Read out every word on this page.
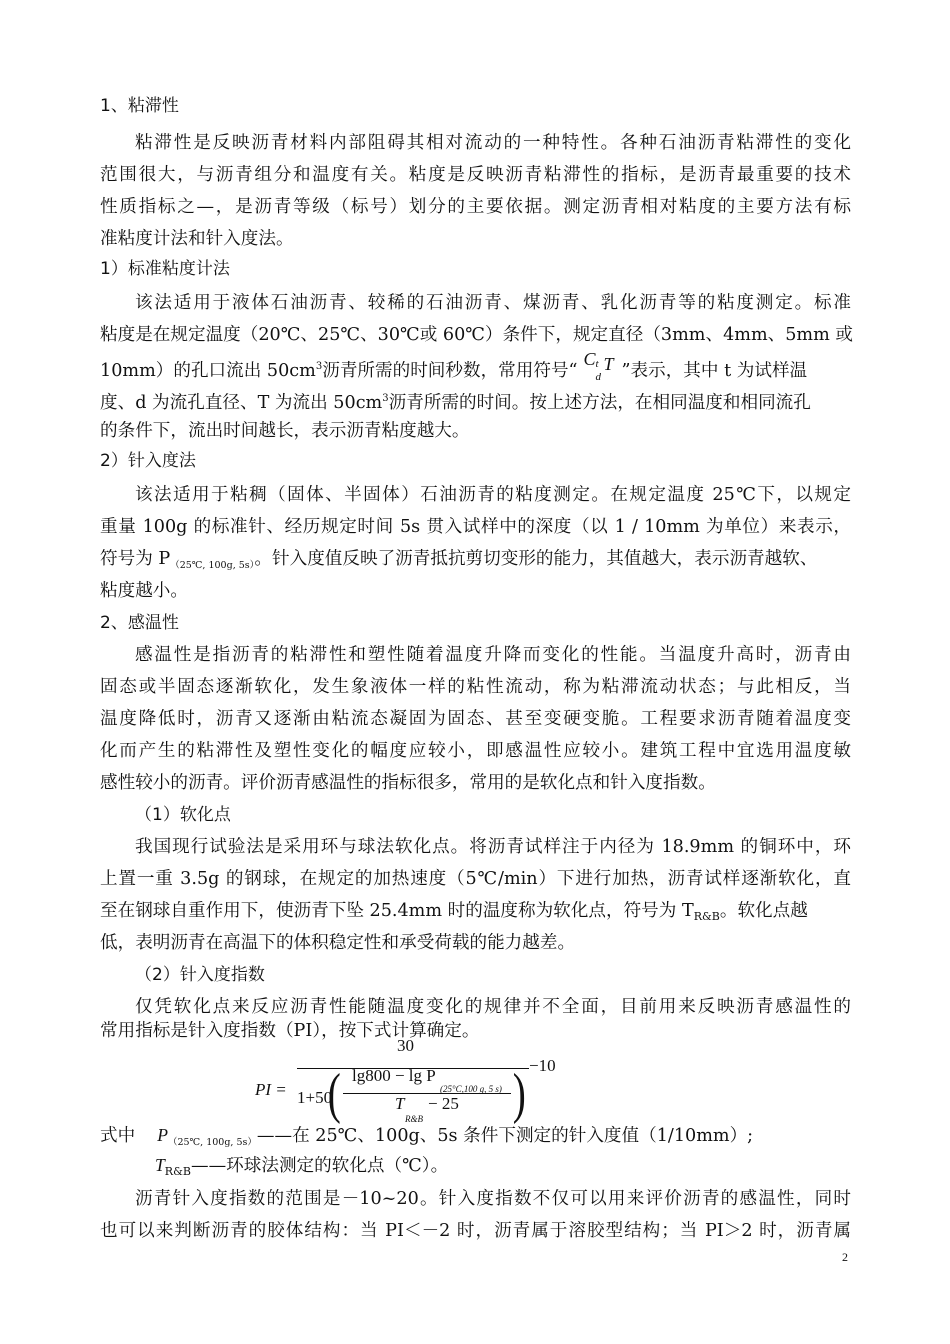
1、粘滞性
粘滞性是反映沥青材料内部阻碍其相对流动的一种特性。各种石油沥青粘滞性的变化
范围很大，与沥青组分和温度有关。粘度是反映沥青粘滞性的指标，是沥青最重要的技术
性质指标之—，是沥青等级（标号）划分的主要依据。测定沥青相对粘度的主要方法有标
准粘度计法和针入度法。
1）标准粘度计法
该法适用于液体石油沥青、较稀的石油沥青、煤沥青、乳化沥青等的粘度测定。标准
粘度是在规定温度（20℃、25℃、30℃或 60℃）条件下，规定直径（3mm、4mm、5mm 或
10mm）的孔口流出 $50cm^3$沥青所需的时间秒数，常用符号“
C t
d
T ”表示，其中 t 为试样温
度、d 为流孔直径、T 为流出 $50cm^3$沥青所需的时间。按上述方法，在相同温度和相同流孔
的条件下，流出时间越长，表示沥青粘度越大。
2）针入度法
该法适用于粘稠（固体、半固体）石油沥青的粘度测定。在规定温度 25℃下，以规定
重量 100g 的标准针、经历规定时间 5s 贯入试样中的深度（以 1 / 10mm 为单位）来表示，
符号为 $P_{(25℃, 100g, 5s)}$。针入度值反映了沥青抵抗剪切变形的能力，其值越大，表示沥青越软、
粘度越小。
2、感温性
感温性是指沥青的粘滞性和塑性随着温度升降而变化的性能。当温度升高时，沥青由
固态或半固态逐渐软化，发生象液体一样的粘性流动，称为粘滞流动状态；与此相反，当
温度降低时，沥青又逐渐由粘流态凝固为固态、甚至变硬变脆。工程要求沥青随着温度变
化而产生的粘滞性及塑性变化的幅度应较小，即感温性应较小。建筑工程中宜选用温度敏
感性较小的沥青。评价沥青感温性的指标很多，常用的是软化点和针入度指数。
（1）软化点
我国现行试验法是采用环与球法软化点。将沥青试样注于内径为 18.9mm 的铜环中，环
上置一重 3.5g 的钢球，在规定的加热速度（5℃/min）下进行加热，沥青试样逐渐软化，直
至在钢球自重作用下，使沥青下坠 25.4mm 时的温度称为软化点，符号为 $T_{R\&B}$。软化点越
低，表明沥青在高温下的体积稳定性和承受荷载的能力越差。
（2）针入度指数
仅凭软化点来反应沥青性能随温度变化的规律并不全面，目前用来反映沥青感温性的
常用指标是针入度指数（PI），按下式计算确定。
PI =
30
1+50
( lg800 − lg P
(25°C,100 g, 5 s)
T
R&B
− 25 ) −10
式中 $P_{(25℃, 100g, 5s)}——$在 25℃、100g、5s 条件下测定的针入度值（1/10mm）;
$T_{R\&B}——$环球法测定的软化点（℃）。
沥青针入度指数的范围是－10~20。针入度指数不仅可以用来评价沥青的感温性，同时
也可以来判断沥青的胶体结构：当 PI＜－2 时，沥青属于溶胶型结构；当 PI＞2 时，沥青属
2
